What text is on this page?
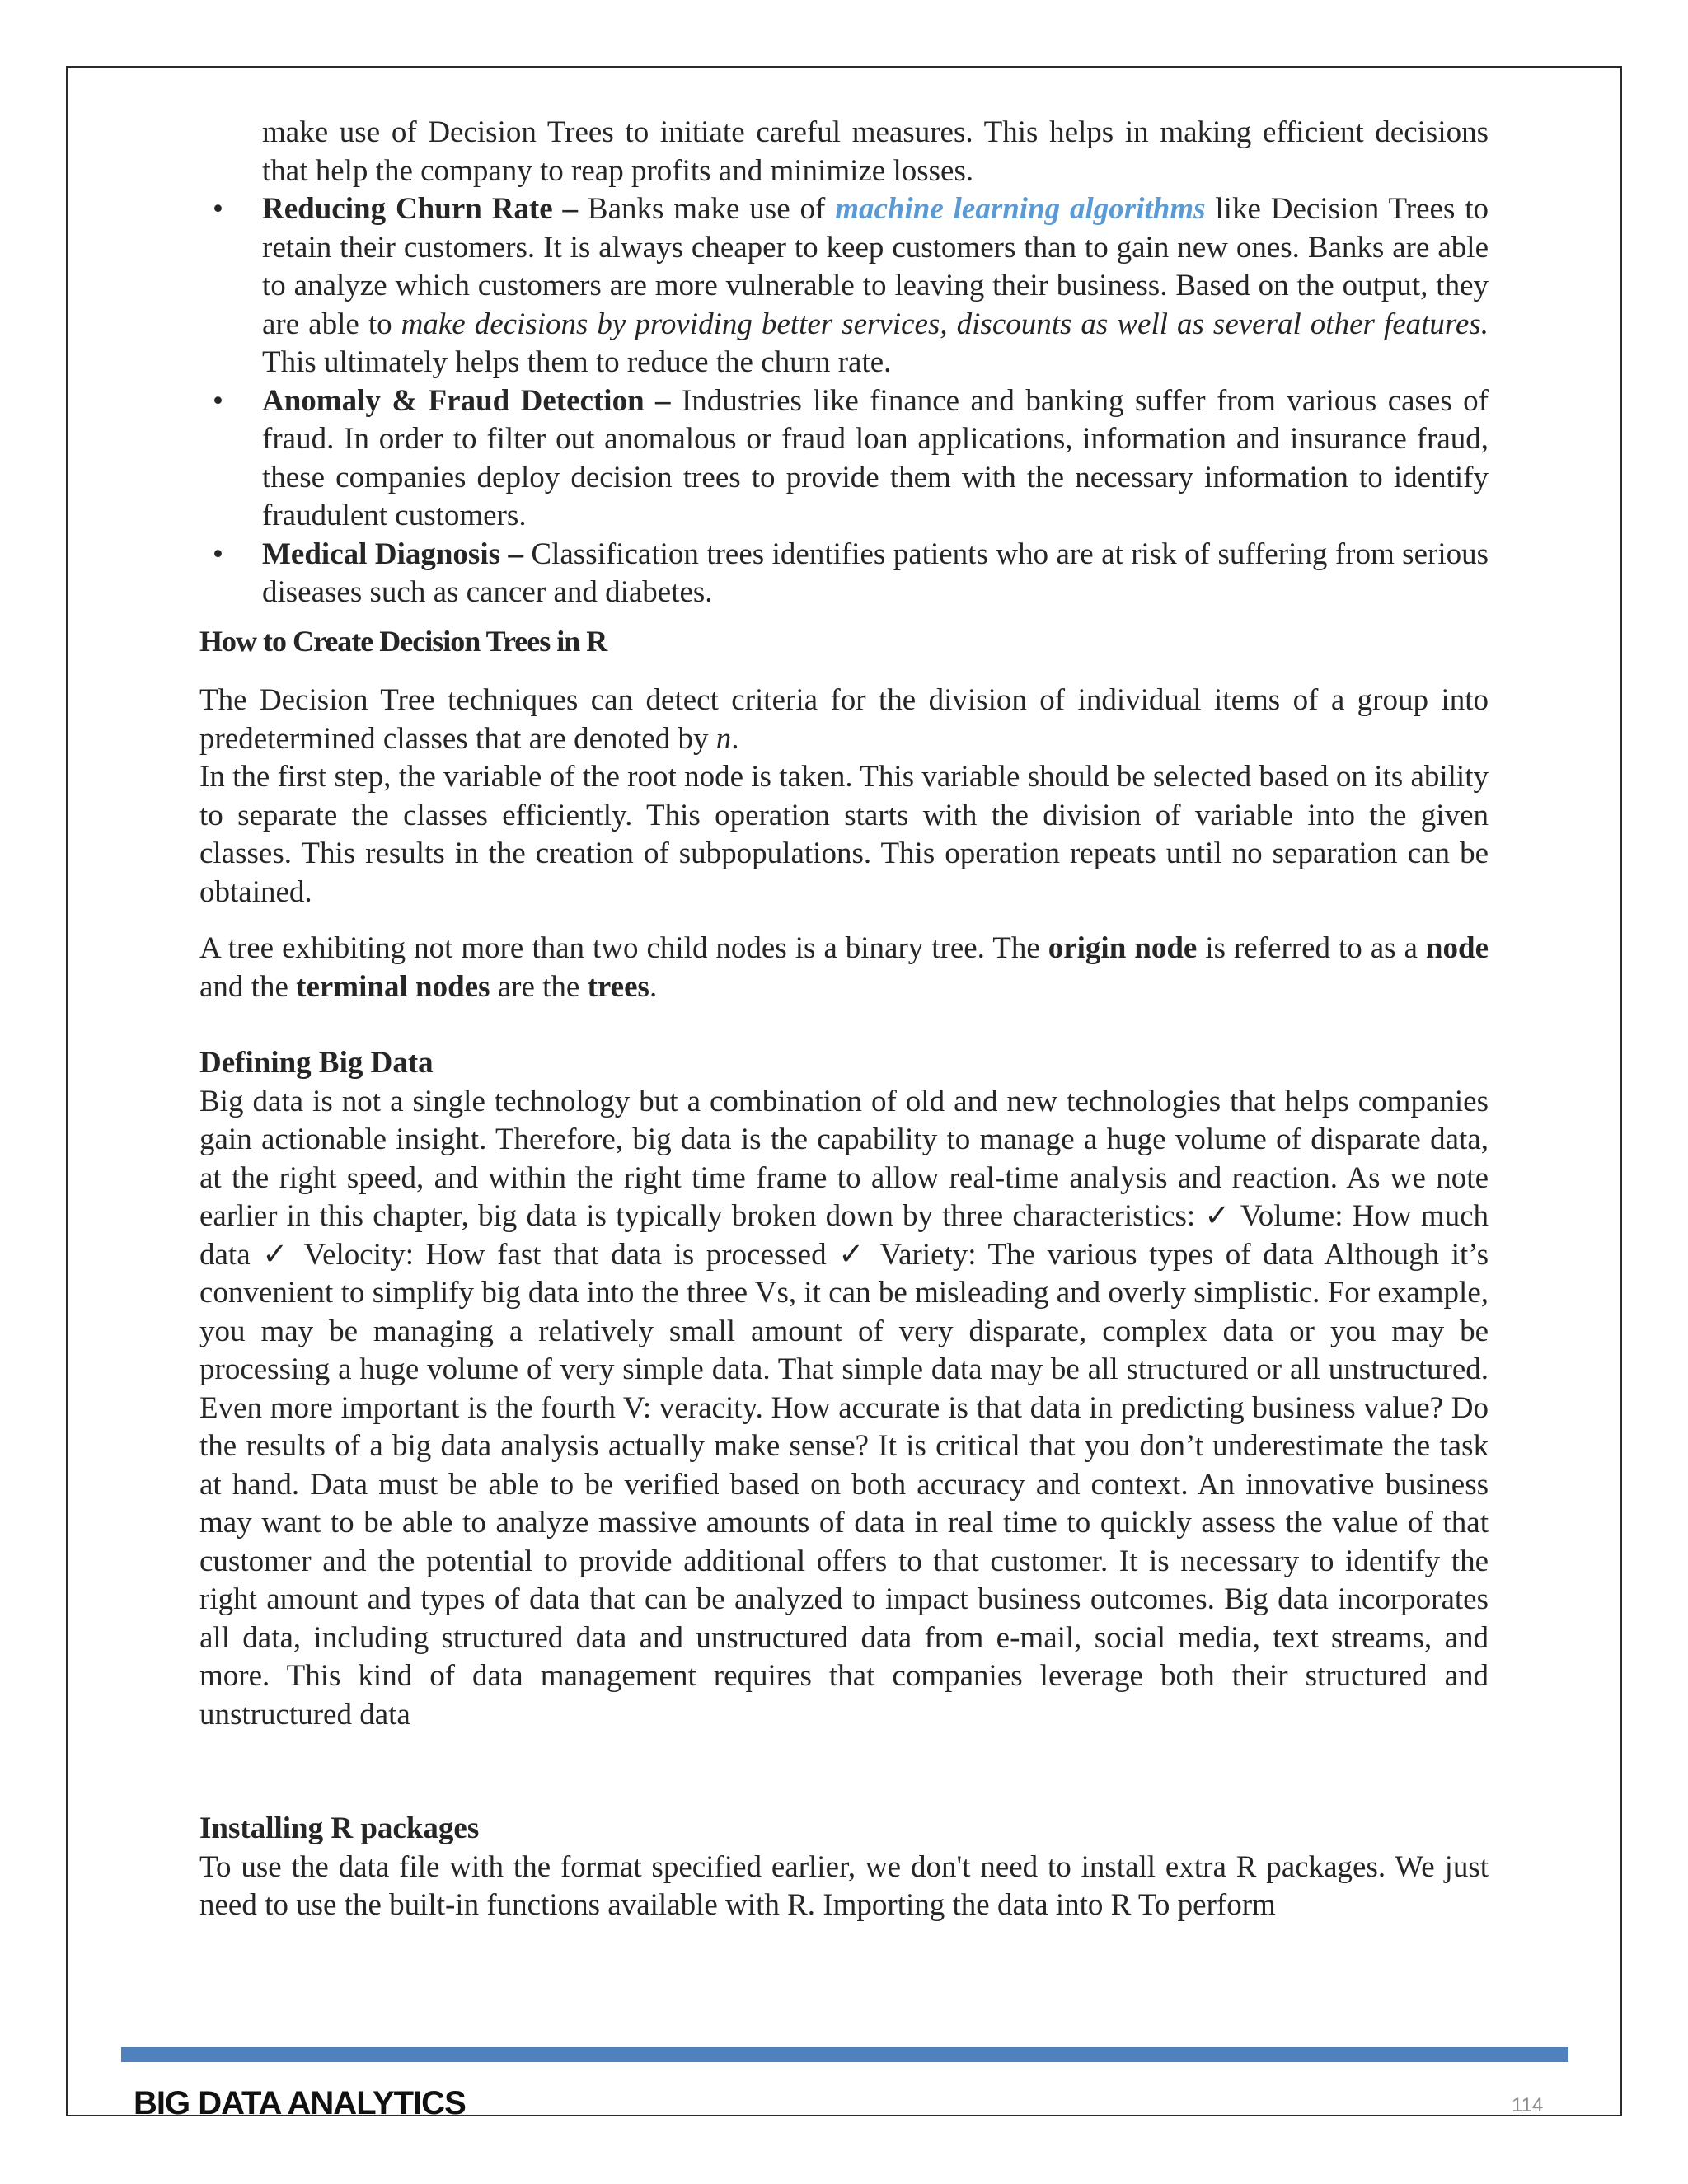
make use of Decision Trees to initiate careful measures. This helps in making efficient decisions that help the company to reap profits and minimize losses.

• Reducing Churn Rate – Banks make use of machine learning algorithms like Decision Trees to retain their customers. It is always cheaper to keep customers than to gain new ones. Banks are able to analyze which customers are more vulnerable to leaving their business. Based on the output, they are able to make decisions by providing better services, discounts as well as several other features. This ultimately helps them to reduce the churn rate.
• Anomaly & Fraud Detection – Industries like finance and banking suffer from various cases of fraud. In order to filter out anomalous or fraud loan applications, information and insurance fraud, these companies deploy decision trees to provide them with the necessary information to identify fraudulent customers.
• Medical Diagnosis – Classification trees identifies patients who are at risk of suffering from serious diseases such as cancer and diabetes.

How to Create Decision Trees in R

The Decision Tree techniques can detect criteria for the division of individual items of a group into predetermined classes that are denoted by n.

In the first step, the variable of the root node is taken. This variable should be selected based on its ability to separate the classes efficiently. This operation starts with the division of variable into the given classes. This results in the creation of subpopulations. This operation repeats until no separation can be obtained.

A tree exhibiting not more than two child nodes is a binary tree. The origin node is referred to as a node and the terminal nodes are the trees.

Defining Big Data

Big data is not a single technology but a combination of old and new technologies that helps companies gain actionable insight. Therefore, big data is the capability to manage a huge volume of disparate data, at the right speed, and within the right time frame to allow real-time analysis and reaction. As we note earlier in this chapter, big data is typically broken down by three characteristics: ✓ Volume: How much data ✓ Velocity: How fast that data is processed ✓ Variety: The various types of data Although it’s convenient to simplify big data into the three Vs, it can be misleading and overly simplistic. For example, you may be managing a relatively small amount of very disparate, complex data or you may be processing a huge volume of very simple data. That simple data may be all structured or all unstructured. Even more important is the fourth V: veracity. How accurate is that data in predicting business value? Do the results of a big data analysis actually make sense? It is critical that you don’t underestimate the task at hand. Data must be able to be verified based on both accuracy and context. An innovative business may want to be able to analyze massive amounts of data in real time to quickly assess the value of that customer and the potential to provide additional offers to that customer. It is necessary to identify the right amount and types of data that can be analyzed to impact business outcomes. Big data incorporates all data, including structured data and unstructured data from e-mail, social media, text streams, and more. This kind of data management requires that companies leverage both their structured and unstructured data

Installing R packages

To use the data file with the format specified earlier, we don't need to install extra R packages. We just need to use the built-in functions available with R. Importing the data into R To perform

BIG DATA ANALYTICS	114
